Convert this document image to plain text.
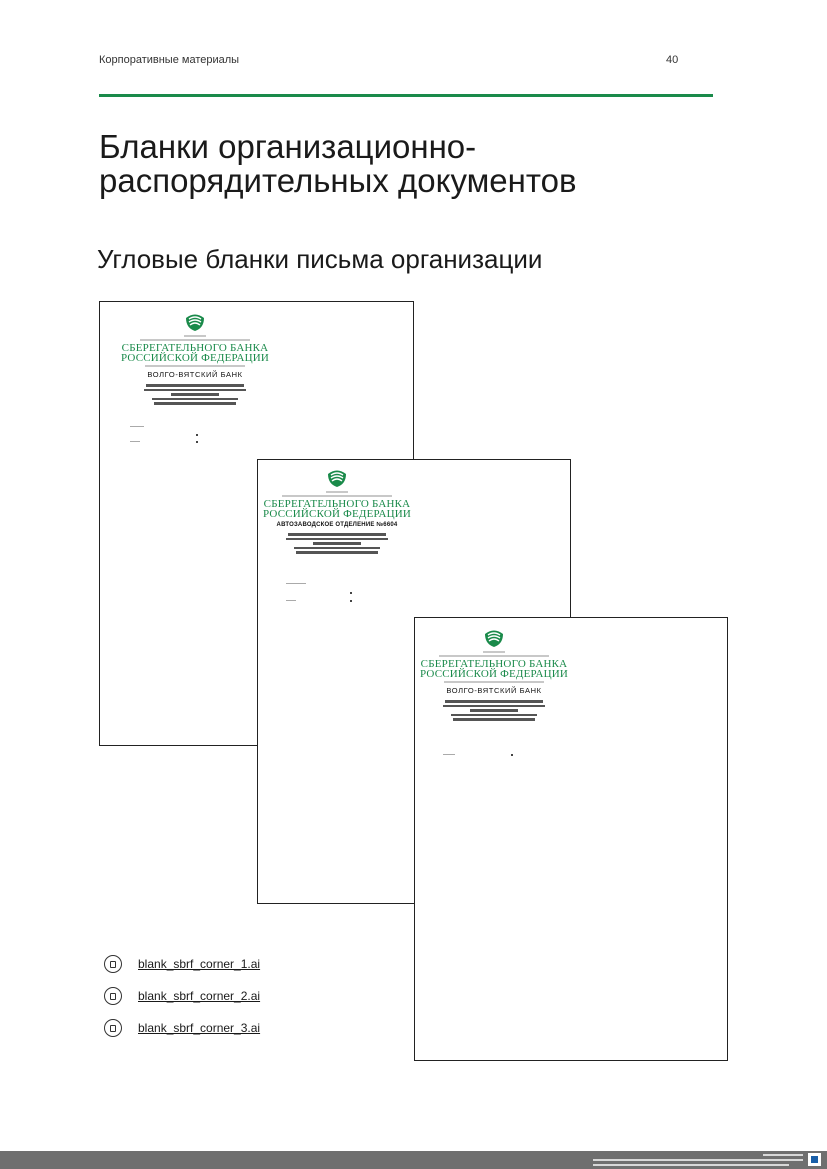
Корпоративные материалы	40
Бланки организационно-
распорядительных документов
Угловые бланки письма организации
СБЕРЕГАТЕЛЬНОГО БАНКА
РОССИЙСКОЙ ФЕДЕРАЦИИ
ВОЛГО-ВЯТСКИЙ БАНК
СБЕРЕГАТЕЛЬНОГО БАНКА
РОССИЙСКОЙ ФЕДЕРАЦИИ
АВТОЗАВОДСКОЕ ОТДЕЛЕНИЕ №6604
СБЕРЕГАТЕЛЬНОГО БАНКА
РОССИЙСКОЙ ФЕДЕРАЦИИ
ВОЛГО-ВЯТСКИЙ БАНК
blank_sbrf_corner_1.ai
blank_sbrf_corner_2.ai
blank_sbrf_corner_3.ai
